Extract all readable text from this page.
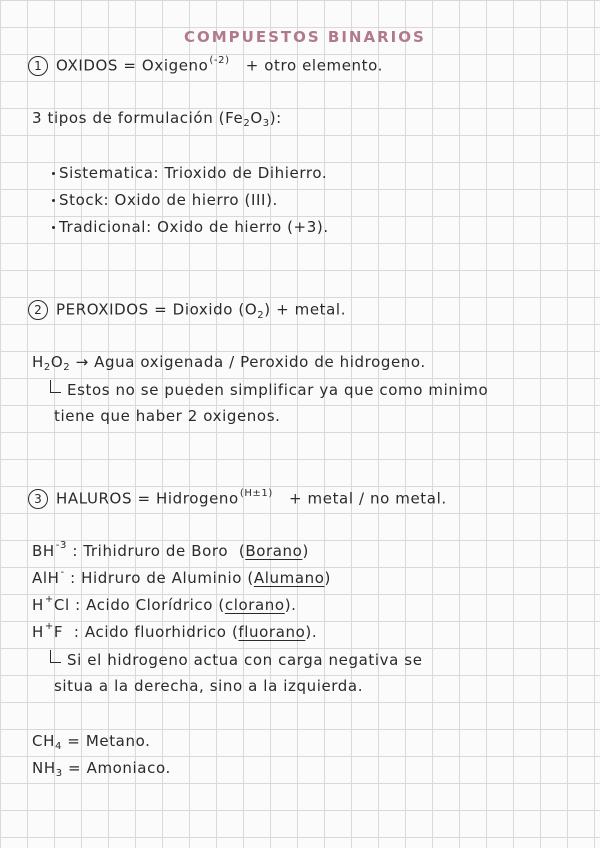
COMPUESTOS BINARIOS
1 OXIDOS = Oxigeno$^{(-2)}$ + otro elemento.
3 tipos de formulación $(Fe_2O_3)$:
Sistematica: Trioxido de Dihierro.
Stock: Oxido de hierro (III).
Tradicional: Oxido de hierro (+3).
2 PEROXIDOS = Dioxido $(O_2)$ + metal.
$H_2O_2$ → Agua oxigenada / Peroxido de hidrogeno.
Estos no se pueden simplificar ya que como minimo
tiene que haber 2 oxigenos.
3 HALUROS = Hidrogeno$^{(H\pm 1)}$ + metal / no metal.
$BH^{-3}$ : Trihidruro de Boro (Borano)
AlH- : Hidruro de Aluminio (Alumano)
H+Cl : Acido Clorídrico (clorano).
H+F : Acido fluorhidrico (fluorano).
Si el hidrogeno actua con carga negativa se
situa a la derecha, sino a la izquierda.
$CH_4 = Metano$.
$NH_3$ = Amoniaco.
